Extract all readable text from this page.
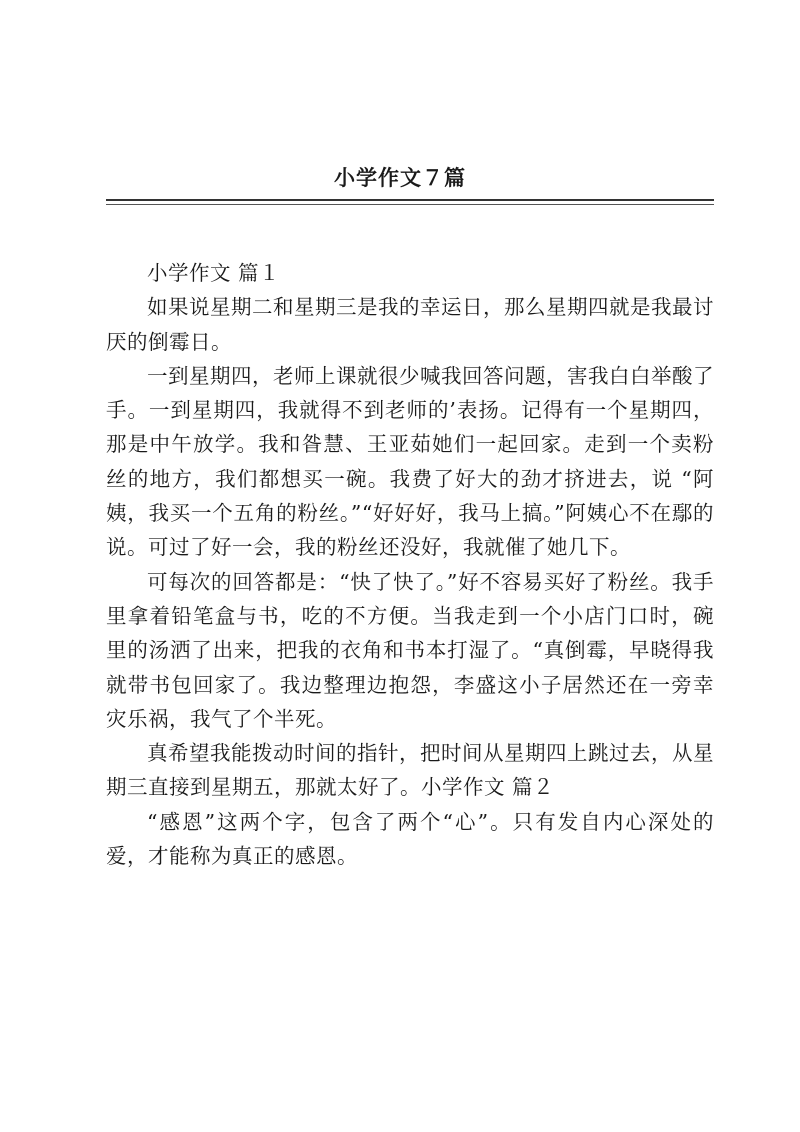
小学作文７篇

小学作文 篇１

如果说星期二和星期三是我的幸运日，那么星期四就是我最讨厌的倒霉日。

一到星期四，老师上课就很少喊我回答问题，害我白白举酸了手。一到星期四，我就得不到老师的’表扬。记得有一个星期四，那是中午放学。我和昝慧、王亚茹她们一起回家。走到一个卖粉丝的地方，我们都想买一碗。我费了好大的劲才挤进去，说 “阿姨，我买一个五角的粉丝。”“好好好，我马上搞。”阿姨心不在鄢的说。可过了好一会，我的粉丝还没好，我就催了她几下。

可每次的回答都是：“快了快了。”好不容易买好了粉丝。我手里拿着铅笔盒与书，吃的不方便。当我走到一个小店门口时，碗里的汤洒了出来，把我的衣角和书本打湿了。“真倒霉，早晓得我就带书包回家了。我边整理边抱怨，李盛这小子居然还在一旁幸灾乐祸，我气了个半死。

真希望我能拨动时间的指针，把时间从星期四上跳过去，从星期三直接到星期五，那就太好了。小学作文 篇２

“感恩”这两个字，包含了两个“心”。只有发自内心深处的爱，才能称为真正的感恩。
